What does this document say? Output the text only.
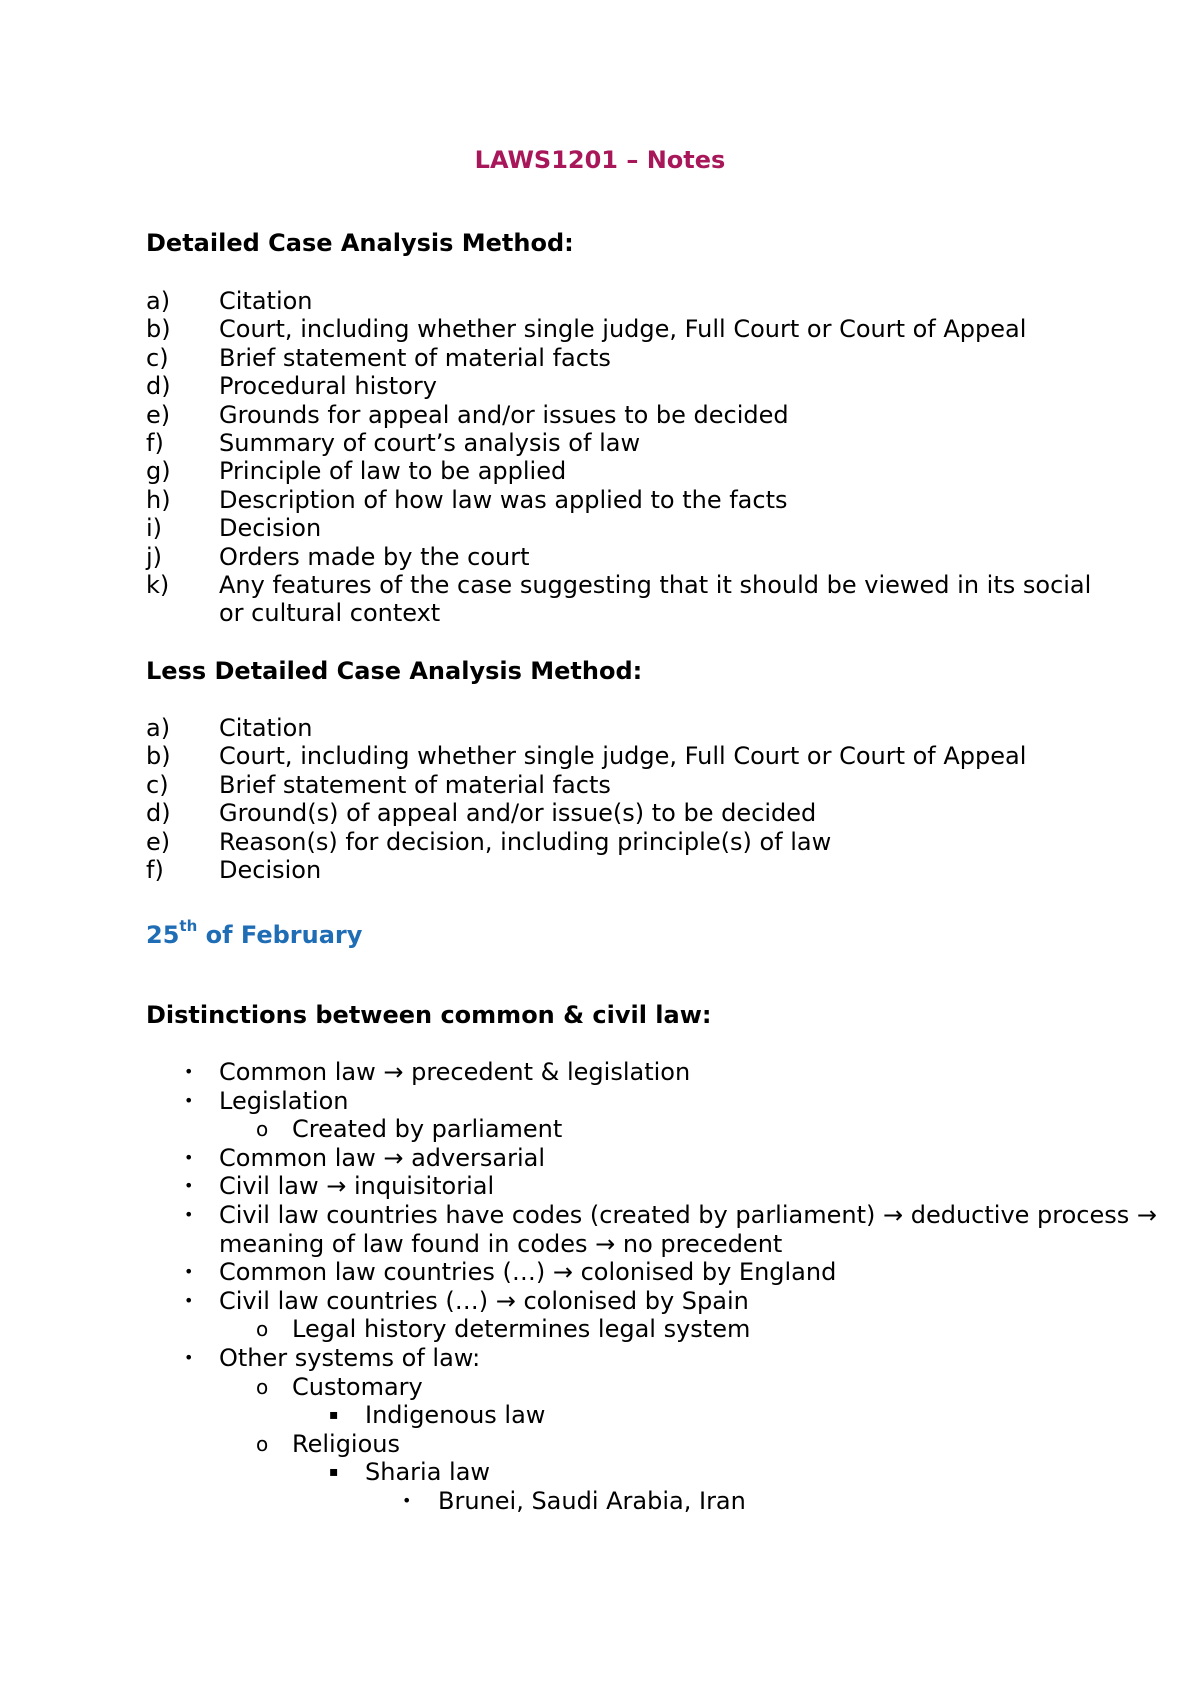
LAWS1201 – Notes
Detailed Case Analysis Method:
a) Citation
b) Court, including whether single judge, Full Court or Court of Appeal
c) Brief statement of material facts
d) Procedural history
e) Grounds for appeal and/or issues to be decided
f) Summary of court’s analysis of law
g) Principle of law to be applied
h) Description of how law was applied to the facts
i) Decision
j) Orders made by the court
k) Any features of the case suggesting that it should be viewed in its social or cultural context
Less Detailed Case Analysis Method:
a) Citation
b) Court, including whether single judge, Full Court or Court of Appeal
c) Brief statement of material facts
d) Ground(s) of appeal and/or issue(s) to be decided
e) Reason(s) for decision, including principle(s) of law
f) Decision
25th of February
Distinctions between common & civil law:
• Common law → precedent & legislation
• Legislation
o Created by parliament
• Common law → adversarial
• Civil law → inquisitorial
• Civil law countries have codes (created by parliament) → deductive process → meaning of law found in codes → no precedent
• Common law countries (…) → colonised by England
• Civil law countries (…) → colonised by Spain
o Legal history determines legal system
• Other systems of law:
o Customary
▪ Indigenous law
o Religious
▪ Sharia law
• Brunei, Saudi Arabia, Iran
